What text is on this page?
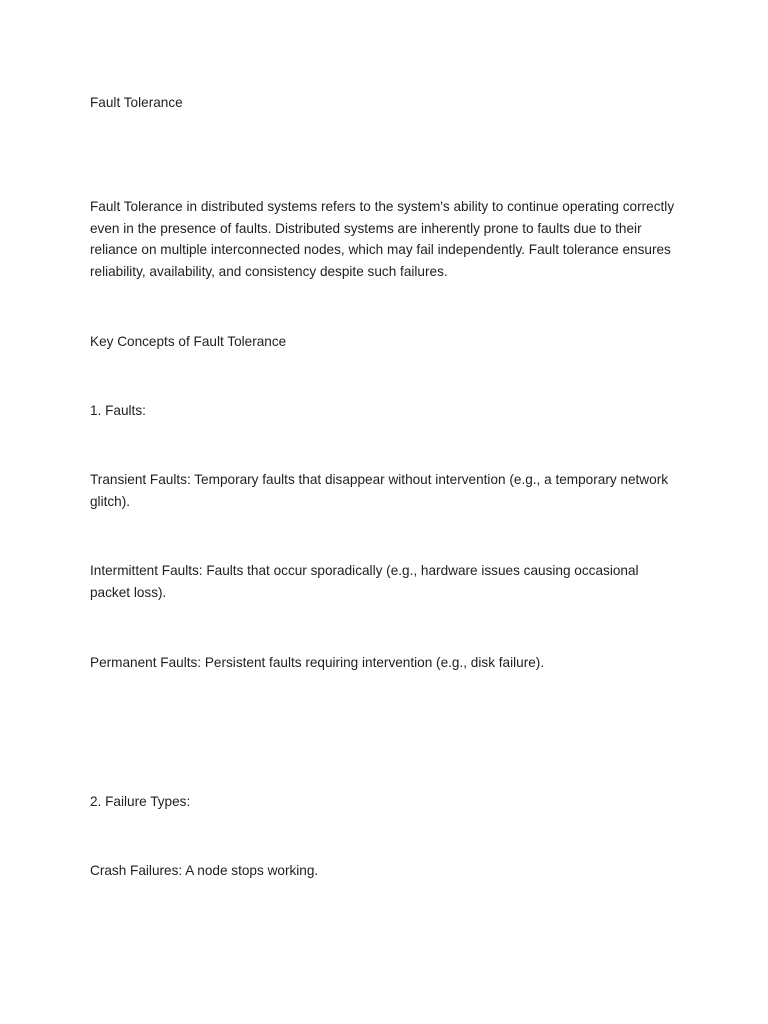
Fault Tolerance

Fault Tolerance in distributed systems refers to the system's ability to continue operating correctly even in the presence of faults. Distributed systems are inherently prone to faults due to their reliance on multiple interconnected nodes, which may fail independently. Fault tolerance ensures reliability, availability, and consistency despite such failures.

Key Concepts of Fault Tolerance

1. Faults:

Transient Faults: Temporary faults that disappear without intervention (e.g., a temporary network glitch).

Intermittent Faults: Faults that occur sporadically (e.g., hardware issues causing occasional packet loss).

Permanent Faults: Persistent faults requiring intervention (e.g., disk failure).

2. Failure Types:

Crash Failures: A node stops working.
